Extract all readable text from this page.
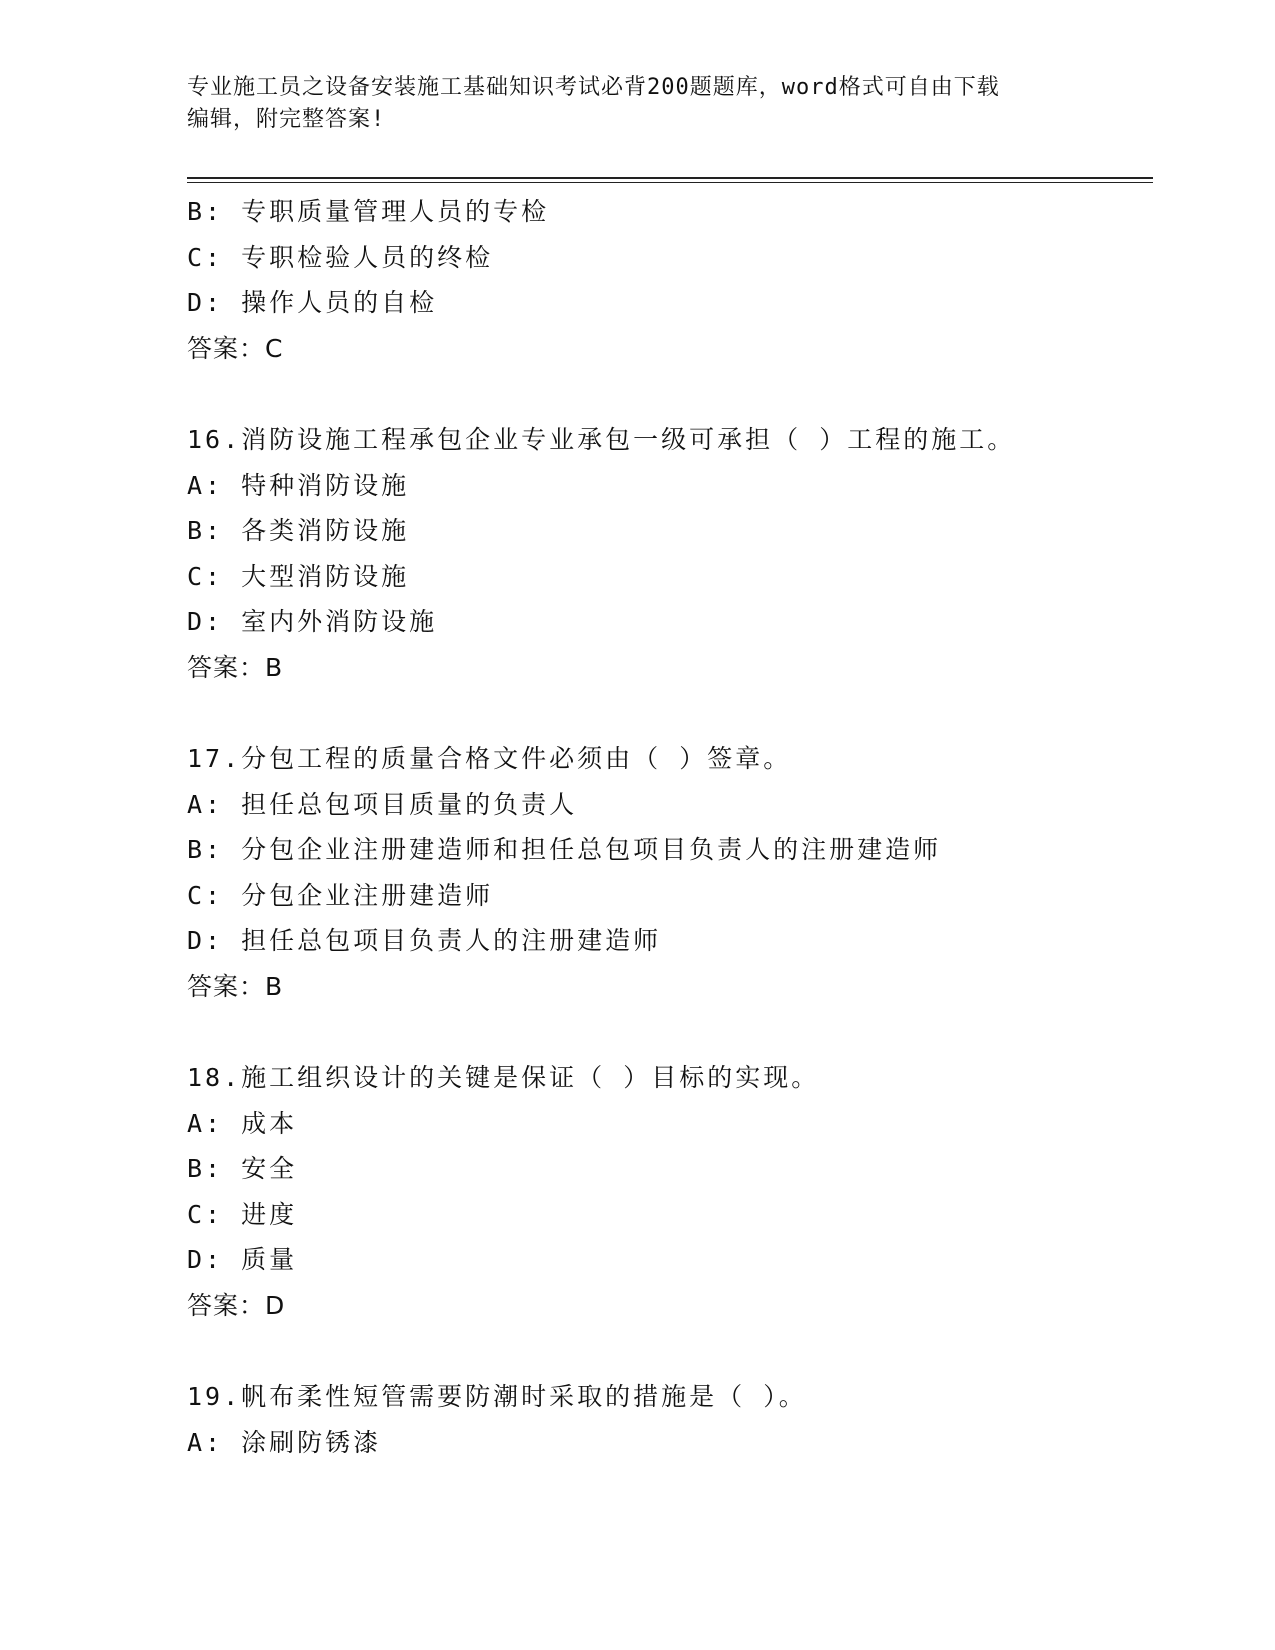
专业施工员之设备安装施工基础知识考试必背200题题库，word格式可自由下载
编辑，附完整答案!
B: 专职质量管理人员的专检
C: 专职检验人员的终检
D: 操作人员的自检
答案：C
16.消防设施工程承包企业专业承包一级可承担（ ）工程的施工。
A: 特种消防设施
B: 各类消防设施
C: 大型消防设施
D: 室内外消防设施
答案：B
17.分包工程的质量合格文件必须由（ ）签章。
A: 担任总包项目质量的负责人
B: 分包企业注册建造师和担任总包项目负责人的注册建造师
C: 分包企业注册建造师
D: 担任总包项目负责人的注册建造师
答案：B
18.施工组织设计的关键是保证（ ）目标的实现。
A: 成本
B: 安全
C: 进度
D: 质量
答案：D
19.帆布柔性短管需要防潮时采取的措施是（ ）。
A: 涂刷防锈漆
